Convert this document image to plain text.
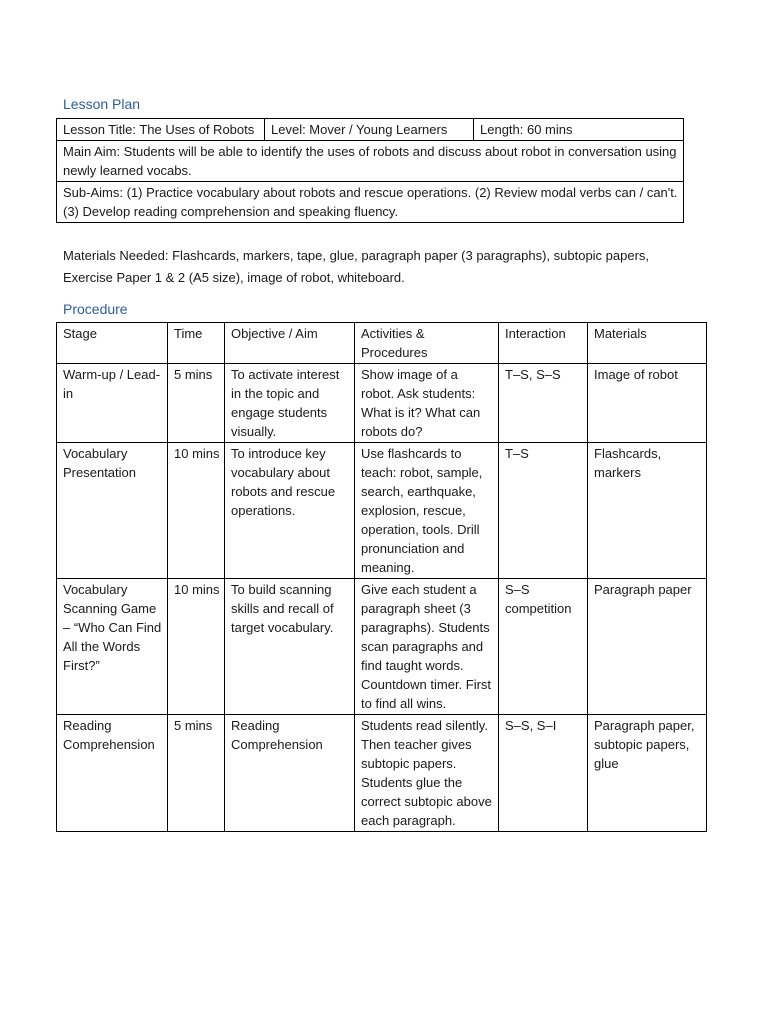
Lesson Plan
Lesson Title: The Uses of Robots	Level: Mover / Young Learners	Length: 60 mins
Main Aim: Students will be able to identify the uses of robots and discuss about robot in conversation using newly learned vocabs.
Sub-Aims: (1) Practice vocabulary about robots and rescue operations. (2) Review modal verbs can / can't. (3) Develop reading comprehension and speaking fluency.
Materials Needed: Flashcards, markers, tape, glue, paragraph paper (3 paragraphs), subtopic papers, Exercise Paper 1 & 2 (A5 size), image of robot, whiteboard.
Procedure
Stage	Time	Objective / Aim	Activities & Procedures	Interaction	Materials
Warm-up / Lead-in	5 mins	To activate interest in the topic and engage students visually.	Show image of a robot. Ask students: What is it? What can robots do?	T–S, S–S	Image of robot
Vocabulary Presentation	10 mins	To introduce key vocabulary about robots and rescue operations.	Use flashcards to teach: robot, sample, search, earthquake, explosion, rescue, operation, tools. Drill pronunciation and meaning.	T–S	Flashcards, markers
Vocabulary Scanning Game – “Who Can Find All the Words First?”	10 mins	To build scanning skills and recall of target vocabulary.	Give each student a paragraph sheet (3 paragraphs). Students scan paragraphs and find taught words. Countdown timer. First to find all wins.	S–S competition	Paragraph paper
Reading Comprehension	5 mins	Reading Comprehension	Students read silently. Then teacher gives subtopic papers. Students glue the correct subtopic above each paragraph.	S–S, S–I	Paragraph paper, subtopic papers, glue
